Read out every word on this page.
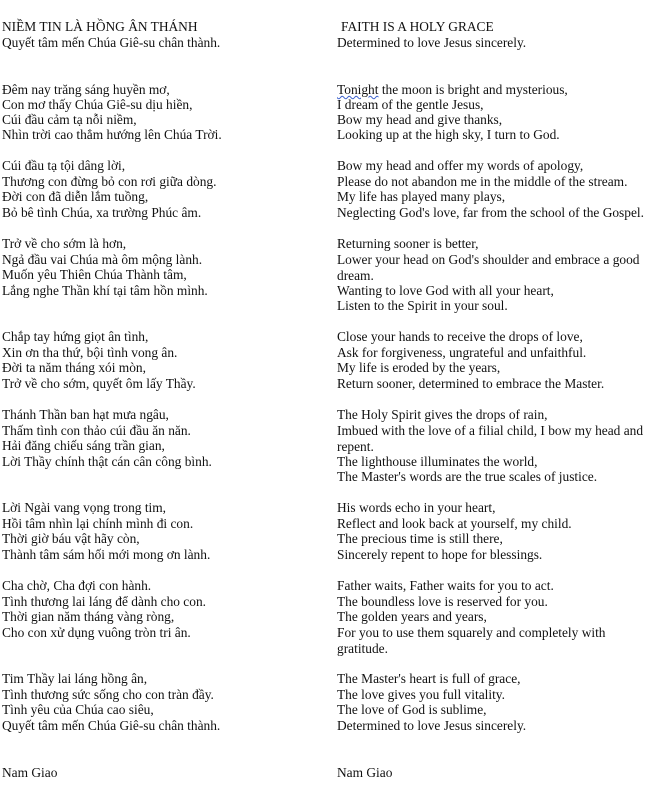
NIỀM TIN LÀ HỒNG ÂN THÁNH
Quyết tâm mến Chúa Giê-su chân thành.
Đêm nay trăng sáng huyền mơ,
Con mơ thấy Chúa Giê-su dịu hiền,
Cúi đầu cảm tạ nỗi niềm,
Nhìn trời cao thẳm hướng lên Chúa Trời.
Cúi đầu tạ tội dâng lời,
Thương con đừng bỏ con rơi giữa dòng.
Đời con đã diễn lắm tuồng,
Bỏ bê tình Chúa, xa trường Phúc âm.
Trở về cho sớm là hơn,
Ngả đầu vai Chúa mà ôm mộng lành.
Muốn yêu Thiên Chúa Thành tâm,
Lắng nghe Thần khí tại tâm hồn mình.
Chắp tay hứng giọt ân tình,
Xin ơn tha thứ, bội tình vong ân.
Đời ta năm tháng xói mòn,
Trở về cho sớm, quyết ôm lấy Thầy.
Thánh Thần ban hạt mưa ngâu,
Thấm tình con thảo cúi đầu ăn năn.
Hải đăng chiếu sáng trần gian,
Lời Thầy chính thật cán cân công bình.
Lời Ngài vang vọng trong tim,
Hồi tâm nhìn lại chính mình đi con.
Thời giờ báu vật hãy còn,
Thành tâm sám hối mới mong ơn lành.
Cha chờ, Cha đợi con hành.
Tình thương lai láng để dành cho con.
Thời gian năm tháng vàng ròng,
Cho con xử dụng vuông tròn tri ân.
Tim Thầy lai láng hồng ân,
Tình thương sức sống cho con tràn đầy.
Tình yêu của Chúa cao siêu,
Quyết tâm mến Chúa Giê-su chân thành.
Nam Giao
FAITH IS A HOLY GRACE
Determined to love Jesus sincerely.
Tonight the moon is bright and mysterious,
I dream of the gentle Jesus,
Bow my head and give thanks,
Looking up at the high sky, I turn to God.
Bow my head and offer my words of apology,
Please do not abandon me in the middle of the stream.
My life has played many plays,
Neglecting God's love, far from the school of the Gospel.
Returning sooner is better,
Lower your head on God's shoulder and embrace a good dream.
Wanting to love God with all your heart,
Listen to the Spirit in your soul.
Close your hands to receive the drops of love,
Ask for forgiveness, ungrateful and unfaithful.
My life is eroded by the years,
Return sooner, determined to embrace the Master.
The Holy Spirit gives the drops of rain,
Imbued with the love of a filial child, I bow my head and repent.
The lighthouse illuminates the world,
The Master's words are the true scales of justice.
His words echo in your heart,
Reflect and look back at yourself, my child.
The precious time is still there,
Sincerely repent to hope for blessings.
Father waits, Father waits for you to act.
The boundless love is reserved for you.
The golden years and years,
For you to use them squarely and completely with gratitude.
The Master's heart is full of grace,
The love gives you full vitality.
The love of God is sublime,
Determined to love Jesus sincerely.
Nam Giao
